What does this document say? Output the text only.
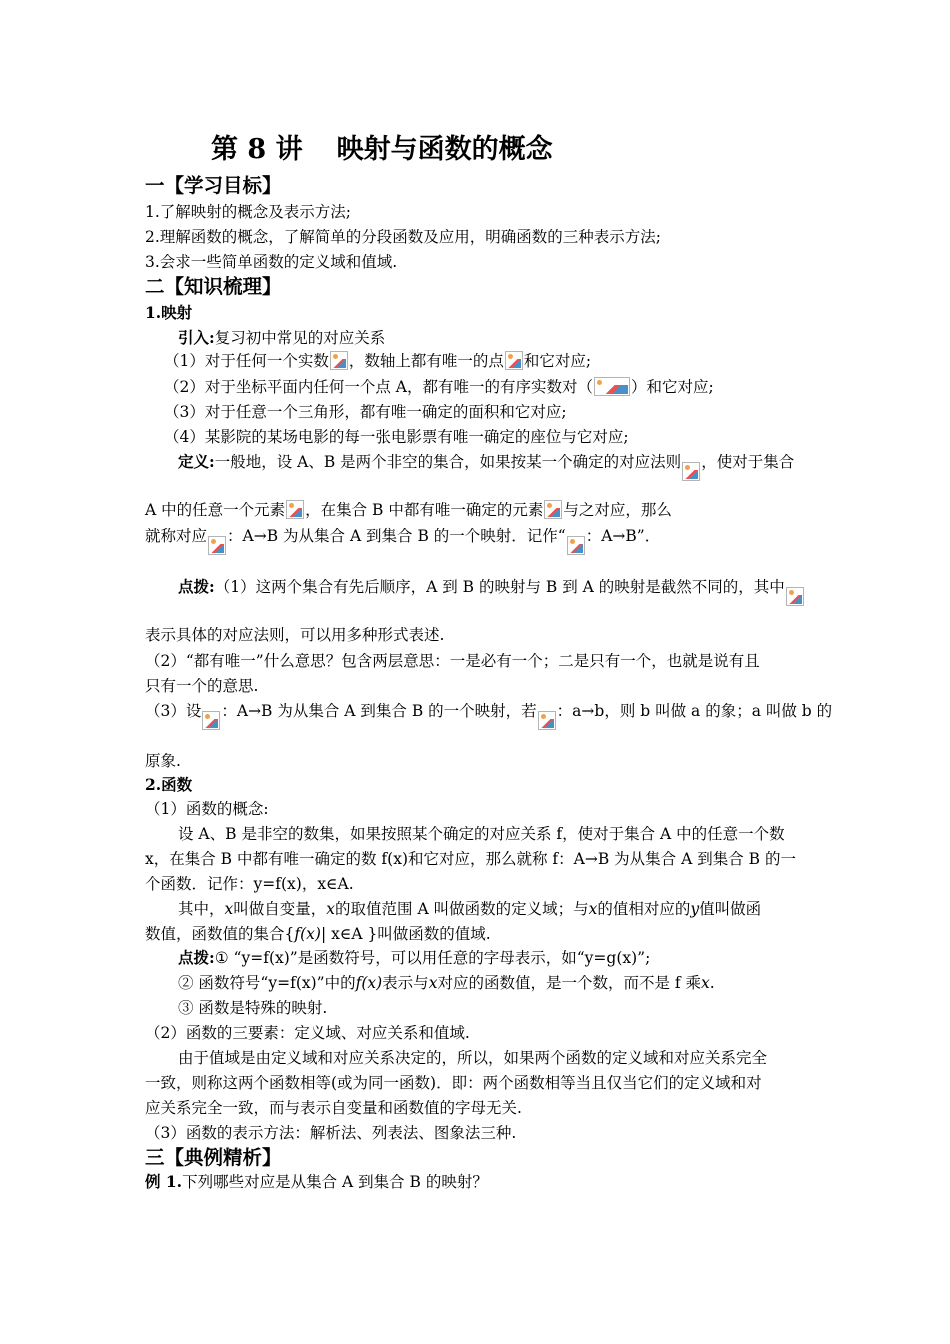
第 8 讲 映射与函数的概念
一【学习目标】
1.了解映射的概念及表示方法;
2.理解函数的概念，了解简单的分段函数及应用，明确函数的三种表示方法;
3.会求一些简单函数的定义域和值域.
二【知识梳理】
1.映射
引入:复习初中常见的对应关系
（1）对于任何一个实数 ，数轴上都有唯一的点 和它对应;
（2）对于坐标平面内任何一个点 A，都有唯一的有序实数对（ ）和它对应;
（3）对于任意一个三角形，都有唯一确定的面积和它对应;
（4）某影院的某场电影的每一张电影票有唯一确定的座位与它对应;
定义:一般地，设 A、B 是两个非空的集合，如果按某一个确定的对应法则 ，使对于集合
A 中的任意一个元素 ，在集合 B 中都有唯一确定的元素 与之对应，那么
就称对应 ：A→B 为从集合 A 到集合 B 的一个映射．记作“ ：A→B”．
点拨:（1）这两个集合有先后顺序，A 到 B 的映射与 B 到 A 的映射是截然不同的，其中
表示具体的对应法则，可以用多种形式表述.
（2）“都有唯一”什么意思？包含两层意思：一是必有一个；二是只有一个，也就是说有且
只有一个的意思.
（3）设 ：A→B 为从集合 A 到集合 B 的一个映射，若 ：a→b，则 b 叫做 a 的象；a 叫做 b 的
原象.
2.函数
（1）函数的概念:
设 A、B 是非空的数集，如果按照某个确定的对应关系 f，使对于集合 A 中的任意一个数
x，在集合 B 中都有唯一确定的数 f(x)和它对应，那么就称 f：A→B 为从集合 A 到集合 B 的一
个函数．记作：y=f(x)，x∈A.
其中，x叫做自变量，x的取值范围 A 叫做函数的定义域；与x的值相对应的y值叫做函
数值，函数值的集合{f(x)| x∈A }叫做函数的值域.
点拨:① “y=f(x)”是函数符号，可以用任意的字母表示，如“y=g(x)”;
② 函数符号“y=f(x)”中的f(x)表示与x对应的函数值，是一个数，而不是 f 乘x.
③ 函数是特殊的映射.
（2）函数的三要素：定义域、对应关系和值域.
由于值域是由定义域和对应关系决定的，所以，如果两个函数的定义域和对应关系完全
一致，则称这两个函数相等(或为同一函数)．即：两个函数相等当且仅当它们的定义域和对
应关系完全一致，而与表示自变量和函数值的字母无关.
（3）函数的表示方法：解析法、列表法、图象法三种.
三【典例精析】
例 1.下列哪些对应是从集合 A 到集合 B 的映射？
